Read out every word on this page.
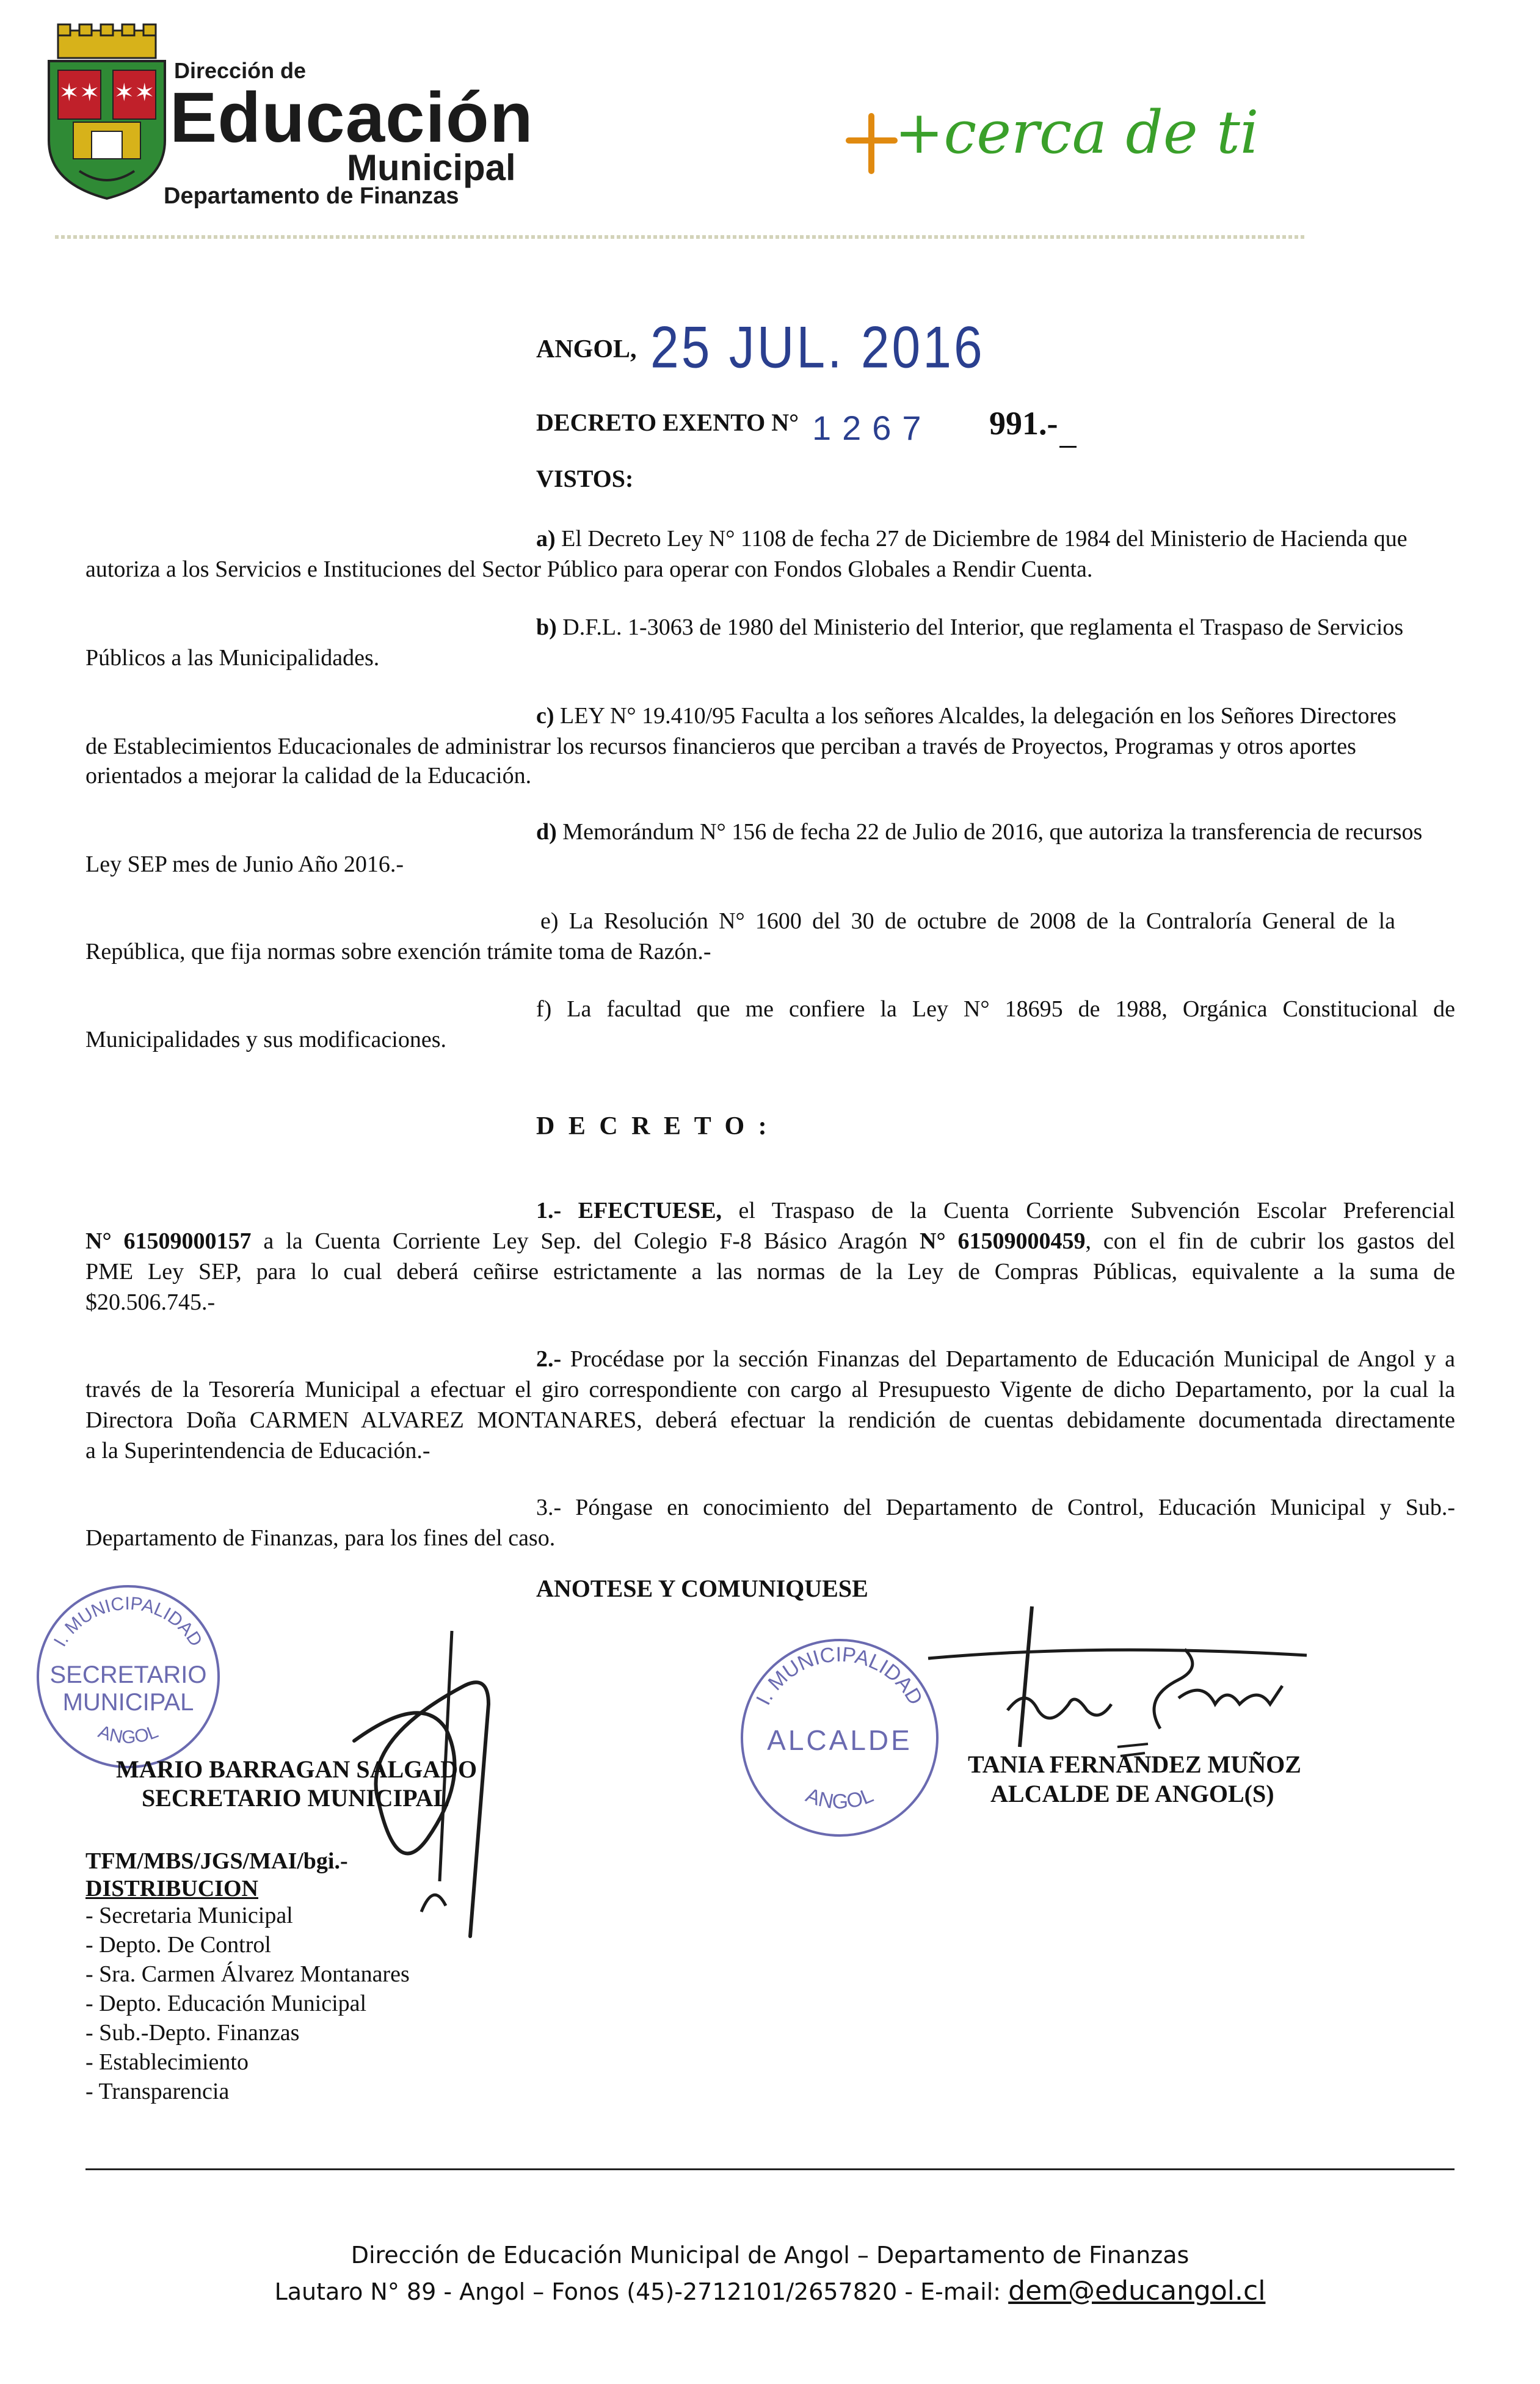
✶✶ ✶✶
Dirección de
Educación
Municipal
Departamento de Finanzas
+cerca de ti
ANGOL, 25 JUL. 2016
DECRETO EXENTO N° 1267 991.-
VISTOS:
a) El Decreto Ley N° 1108 de fecha 27 de Diciembre de 1984 del Ministerio de Hacienda que
autoriza a los Servicios e Instituciones del Sector Público para operar con Fondos Globales a Rendir Cuenta.
b) D.F.L. 1-3063 de 1980 del Ministerio del Interior, que reglamenta el Traspaso de Servicios
Públicos a las Municipalidades.
c) LEY N° 19.410/95 Faculta a los señores Alcaldes, la delegación en los Señores Directores
de Establecimientos Educacionales de administrar los recursos financieros que perciban a través de Proyectos, Programas y otros aportes
orientados a mejorar la calidad de la Educación.
d) Memorándum N° 156 de fecha 22 de Julio de 2016, que autoriza la transferencia de recursos
Ley SEP mes de Junio Año 2016.-
e) La Resolución N° 1600 del 30 de octubre de 2008 de la Contraloría General de la
República, que fija normas sobre exención trámite toma de Razón.-
f) La facultad que me confiere la Ley N° 18695 de 1988, Orgánica Constitucional de
Municipalidades y sus modificaciones.
D E C R E T O :
1.- EFECTUESE, el Traspaso de la Cuenta Corriente Subvención Escolar Preferencial
N° 61509000157 a la Cuenta Corriente Ley Sep. del Colegio F-8 Básico Aragón N° 61509000459, con el fin de cubrir los gastos del
PME Ley SEP, para lo cual deberá ceñirse estrictamente a las normas de la Ley de Compras Públicas, equivalente a la suma de
$20.506.745.-
2.- Procédase por la sección Finanzas del Departamento de Educación Municipal de Angol y a
través de la Tesorería Municipal a efectuar el giro correspondiente con cargo al Presupuesto Vigente de dicho Departamento, por la cual la
Directora Doña CARMEN ALVAREZ MONTANARES, deberá efectuar la rendición de cuentas debidamente documentada directamente
a la Superintendencia de Educación.-
3.- Póngase en conocimiento del Departamento de Control, Educación Municipal y Sub.-
Departamento de Finanzas, para los fines del caso.
ANOTESE Y COMUNIQUESE
I. MUNICIPALIDAD
SECRETARIO
MUNICIPAL
ANGOL
MARIO BARRAGAN SALGADO
SECRETARIO MUNICIPAL
I. MUNICIPALIDAD
ALCALDE
ANGOL
TANIA FERNANDEZ MUÑOZ
ALCALDE DE ANGOL(S)
TFM/MBS/JGS/MAI/bgi.-
DISTRIBUCION
- Secretaria Municipal
- Depto. De Control
- Sra. Carmen Álvarez Montanares
- Depto. Educación Municipal
- Sub.-Depto. Finanzas
- Establecimiento
- Transparencia
Dirección de Educación Municipal de Angol – Departamento de Finanzas
Lautaro N° 89 - Angol – Fonos (45)-2712101/2657820 - E-mail: dem@educangol.cl
